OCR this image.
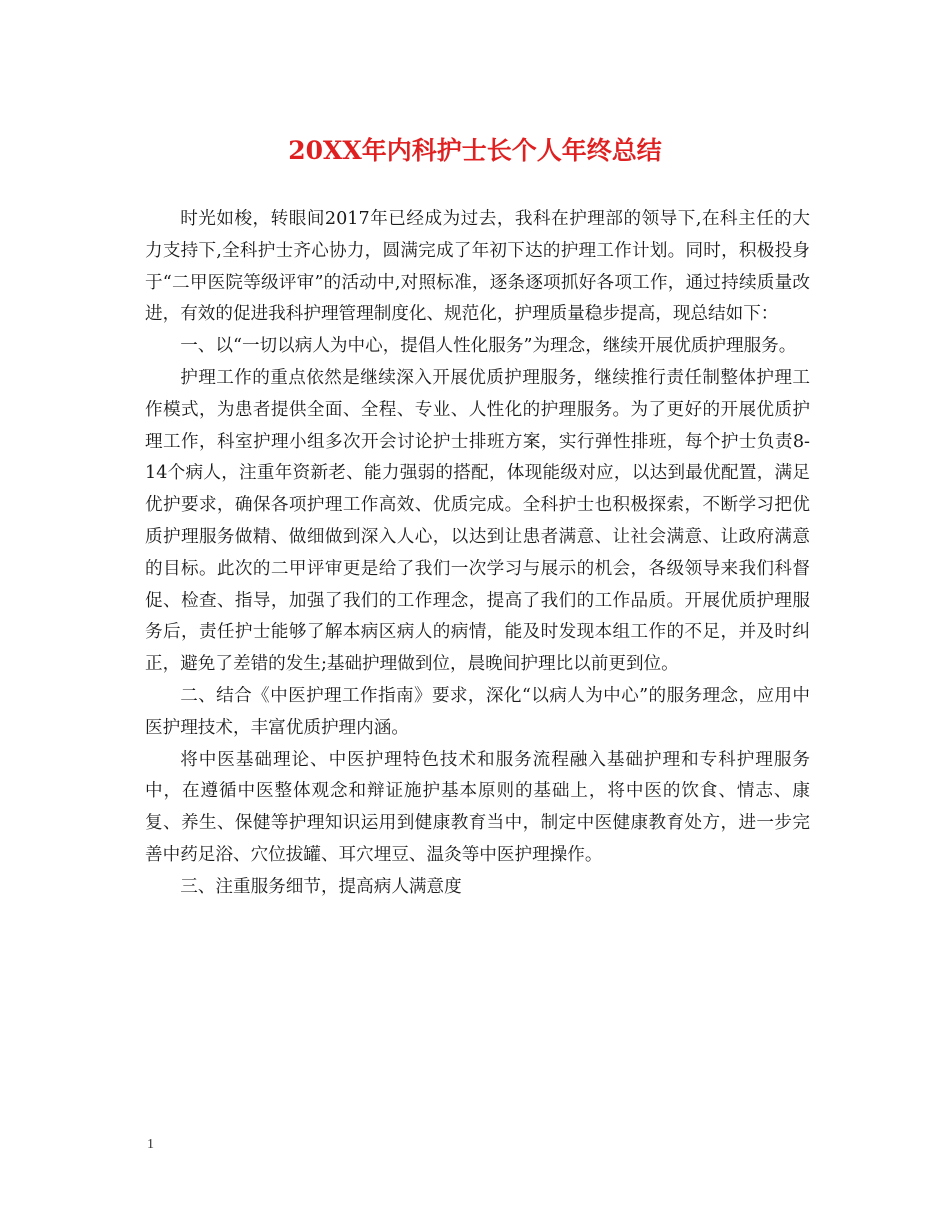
20XX年内科护士长个人年终总结

时光如梭，转眼间2017年已经成为过去，我科在护理部的领导下,在科主任的大力支持下,全科护士齐心协力，圆满完成了年初下达的护理工作计划。同时，积极投身于“二甲医院等级评审”的活动中,对照标准，逐条逐项抓好各项工作，通过持续质量改进，有效的促进我科护理管理制度化、规范化，护理质量稳步提高，现总结如下：

一、以“一切以病人为中心，提倡人性化服务”为理念，继续开展优质护理服务。

护理工作的重点依然是继续深入开展优质护理服务，继续推行责任制整体护理工作模式，为患者提供全面、全程、专业、人性化的护理服务。为了更好的开展优质护理工作，科室护理小组多次开会讨论护士排班方案，实行弹性排班，每个护士负责8-14个病人，注重年资新老、能力强弱的搭配，体现能级对应，以达到最优配置，满足优护要求，确保各项护理工作高效、优质完成。全科护士也积极探索，不断学习把优质护理服务做精、做细做到深入人心，以达到让患者满意、让社会满意、让政府满意的目标。此次的二甲评审更是给了我们一次学习与展示的机会，各级领导来我们科督促、检查、指导，加强了我们的工作理念，提高了我们的工作品质。开展优质护理服务后，责任护士能够了解本病区病人的病情，能及时发现本组工作的不足，并及时纠正，避免了差错的发生;基础护理做到位，晨晚间护理比以前更到位。

二、结合《中医护理工作指南》要求，深化“以病人为中心”的服务理念，应用中医护理技术，丰富优质护理内涵。

将中医基础理论、中医护理特色技术和服务流程融入基础护理和专科护理服务中，在遵循中医整体观念和辩证施护基本原则的基础上，将中医的饮食、情志、康复、养生、保健等护理知识运用到健康教育当中，制定中医健康教育处方，进一步完善中药足浴、穴位拔罐、耳穴埋豆、温灸等中医护理操作。

三、注重服务细节，提高病人满意度

1
